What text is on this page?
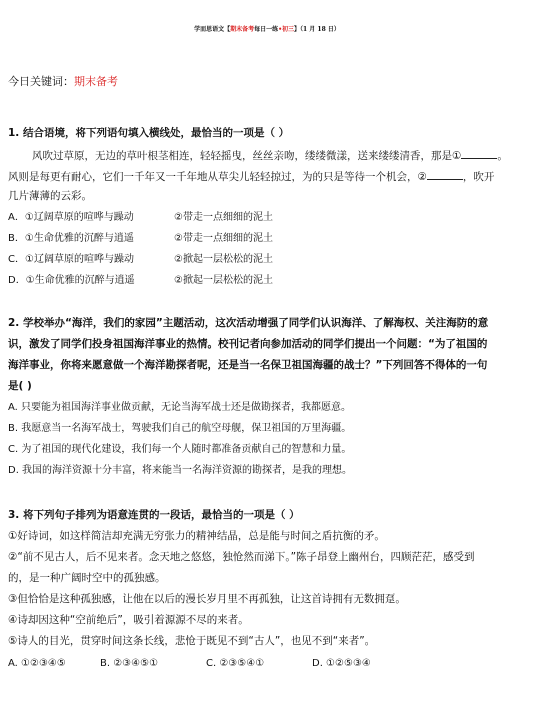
学而思语文【期末备考每日一练•初三】（1 月 18 日）
今日关键词：期末备考
1. 结合语境，将下列语句填入横线处，最恰当的一项是（ ）
风吹过草原，无边的草叶根茎相连，轻轻摇曳，丝丝亲吻，缕缕微漾，送来缕缕清香，那是①	。
风则是每更有耐心，它们一千年又一千年地从草尖儿轻轻掠过，为的只是等待一个机会，②	，吹开
几片薄薄的云彩。
A．①辽阔草原的喧哗与躁动	②带走一点细细的泥土
B．①生命优雅的沉醉与逍遥	②带走一点细细的泥土
C．①辽阔草原的喧哗与躁动	②掀起一层松松的泥土
D．①生命优雅的沉醉与逍遥	②掀起一层松松的泥土
2. 学校举办“海洋，我们的家园”主题活动，这次活动增强了同学们认识海洋、了解海权、关注海防的意
识，激发了同学们投身祖国海洋事业的热情。校刊记者向参加活动的同学们提出一个问题：“为了祖国的
海洋事业，你将来愿意做一个海洋勘探者呢，还是当一名保卫祖国海疆的战士？”下列回答不得体的一句
是( )
A. 只要能为祖国海洋事业做贡献，无论当海军战士还是做勘探者，我都愿意。
B. 我愿意当一名海军战士，驾驶我们自己的航空母舰，保卫祖国的万里海疆。
C. 为了祖国的现代化建设，我们每一个人随时都准备贡献自己的智慧和力量。
D. 我国的海洋资源十分丰富，将来能当一名海洋资源的勘探者，是我的理想。
3. 将下列句子排列为语意连贯的一段话，最恰当的一项是（ ）
①好诗词，如这样简洁却充满无穷张力的精神结晶，总是能与时间之盾抗衡的矛。
②“前不见古人，后不见来者。念天地之悠悠，独怆然而涕下。”陈子昂登上幽州台，四顾茫茫，感受到
的，是一种广阔时空中的孤独感。
③但恰恰是这种孤独感，让他在以后的漫长岁月里不再孤独，让这首诗拥有无数拥趸。
④诗却因这种“空前绝后”，吸引着源源不尽的来者。
⑤诗人的目光，贯穿时间这条长线，悲怆于既见不到“古人”，也见不到“来者”。
A. ①②③④⑤	B. ②③④⑤①	C. ②③⑤④①	D. ①②⑤③④
